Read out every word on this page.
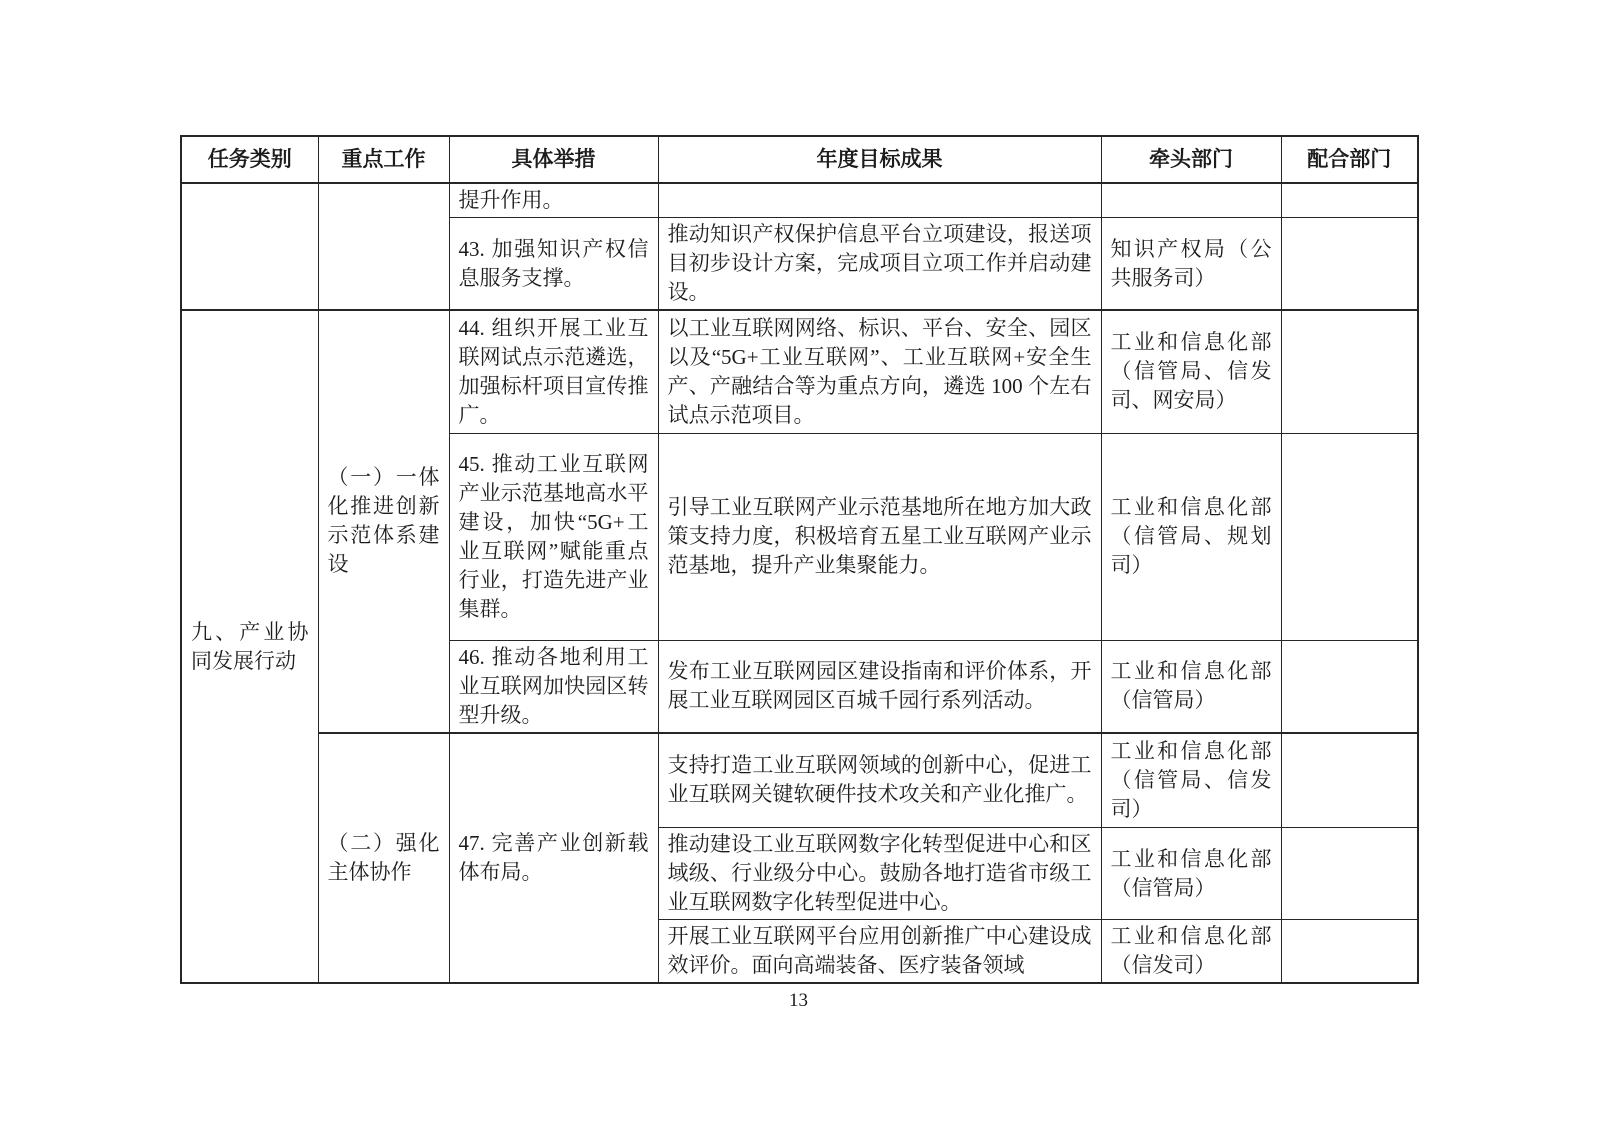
任务类别	重点工作	具体举措	年度目标成果	牵头部门	配合部门
		提升作用。			
		43. 加强知识产权信息服务支撑。	推动知识产权保护信息平台立项建设，报送项目初步设计方案，完成项目立项工作并启动建设。	知识产权局（公共服务司）	
九、产业协同发展行动	（一）一体化推进创新示范体系建设	44. 组织开展工业互联网试点示范遴选，加强标杆项目宣传推广。	以工业互联网网络、标识、平台、安全、园区以及“5G+工业互联网”、工业互联网+安全生产、产融结合等为重点方向，遴选 100 个左右试点示范项目。	工业和信息化部（信管局、信发司、网安局）	
		45. 推动工业互联网产业示范基地高水平建设，加快“5G+工业互联网”赋能重点行业，打造先进产业集群。	引导工业互联网产业示范基地所在地方加大政策支持力度，积极培育五星工业互联网产业示范基地，提升产业集聚能力。	工业和信息化部（信管局、规划司）	
		46. 推动各地利用工业互联网加快园区转型升级。	发布工业互联网园区建设指南和评价体系，开展工业互联网园区百城千园行系列活动。	工业和信息化部（信管局）	
	（二）强化主体协作	47. 完善产业创新载体布局。	支持打造工业互联网领域的创新中心，促进工业互联网关键软硬件技术攻关和产业化推广。	工业和信息化部（信管局、信发司）	
			推动建设工业互联网数字化转型促进中心和区域级、行业级分中心。鼓励各地打造省市级工业互联网数字化转型促进中心。	工业和信息化部（信管局）	
			开展工业互联网平台应用创新推广中心建设成效评价。面向高端装备、医疗装备领域	工业和信息化部（信发司）	
13
